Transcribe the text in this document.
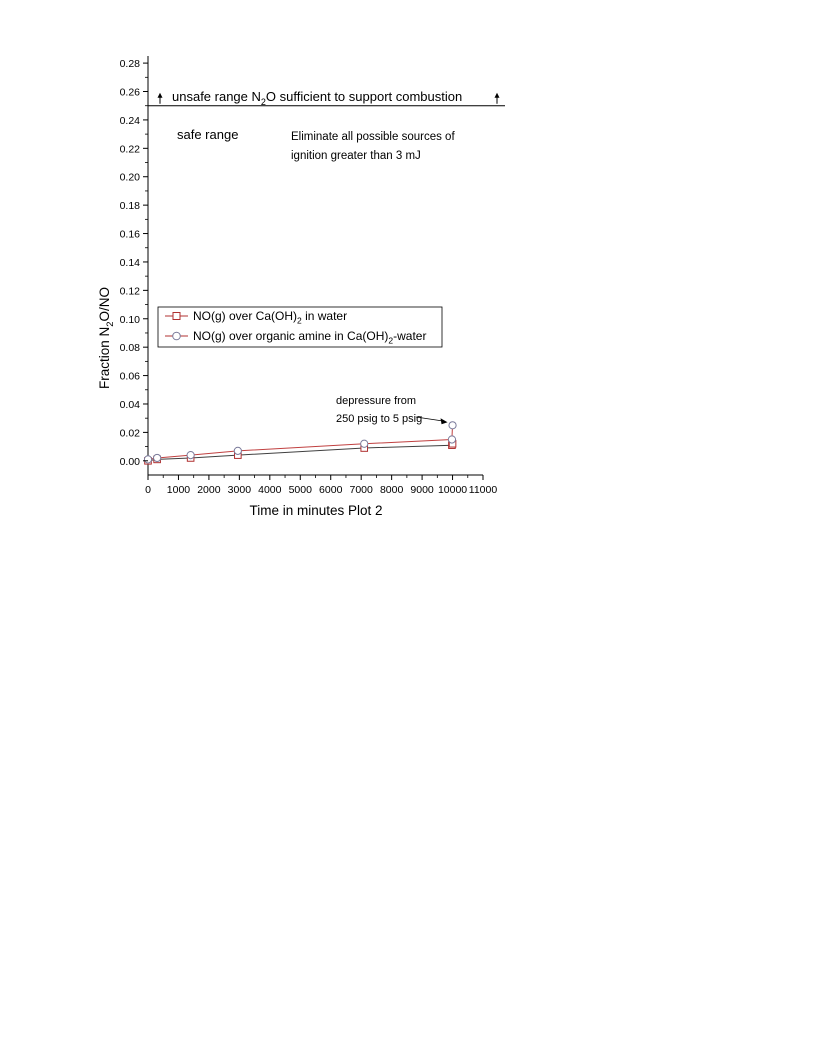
0.00
0.02
0.04
0.06
0.08
0.10
0.12
0.14
0.16
0.18
0.20
0.22
0.24
0.26
0.28
0 1000 2000 3000 4000 5000 6000 7000 8000 9000 10000 11000
Time in minutes Plot 2
Fraction $N_2O/NO$
unsafe range $N_2O$ sufficient to support combustion
safe range	Eliminate all possible sources of
ignition greater than 3 mJ
depressure from
250 psig to 5 psig
NO(g) over $Ca(OH)_2$ in water
NO(g) over organic amine in $Ca(OH)_2$-water
